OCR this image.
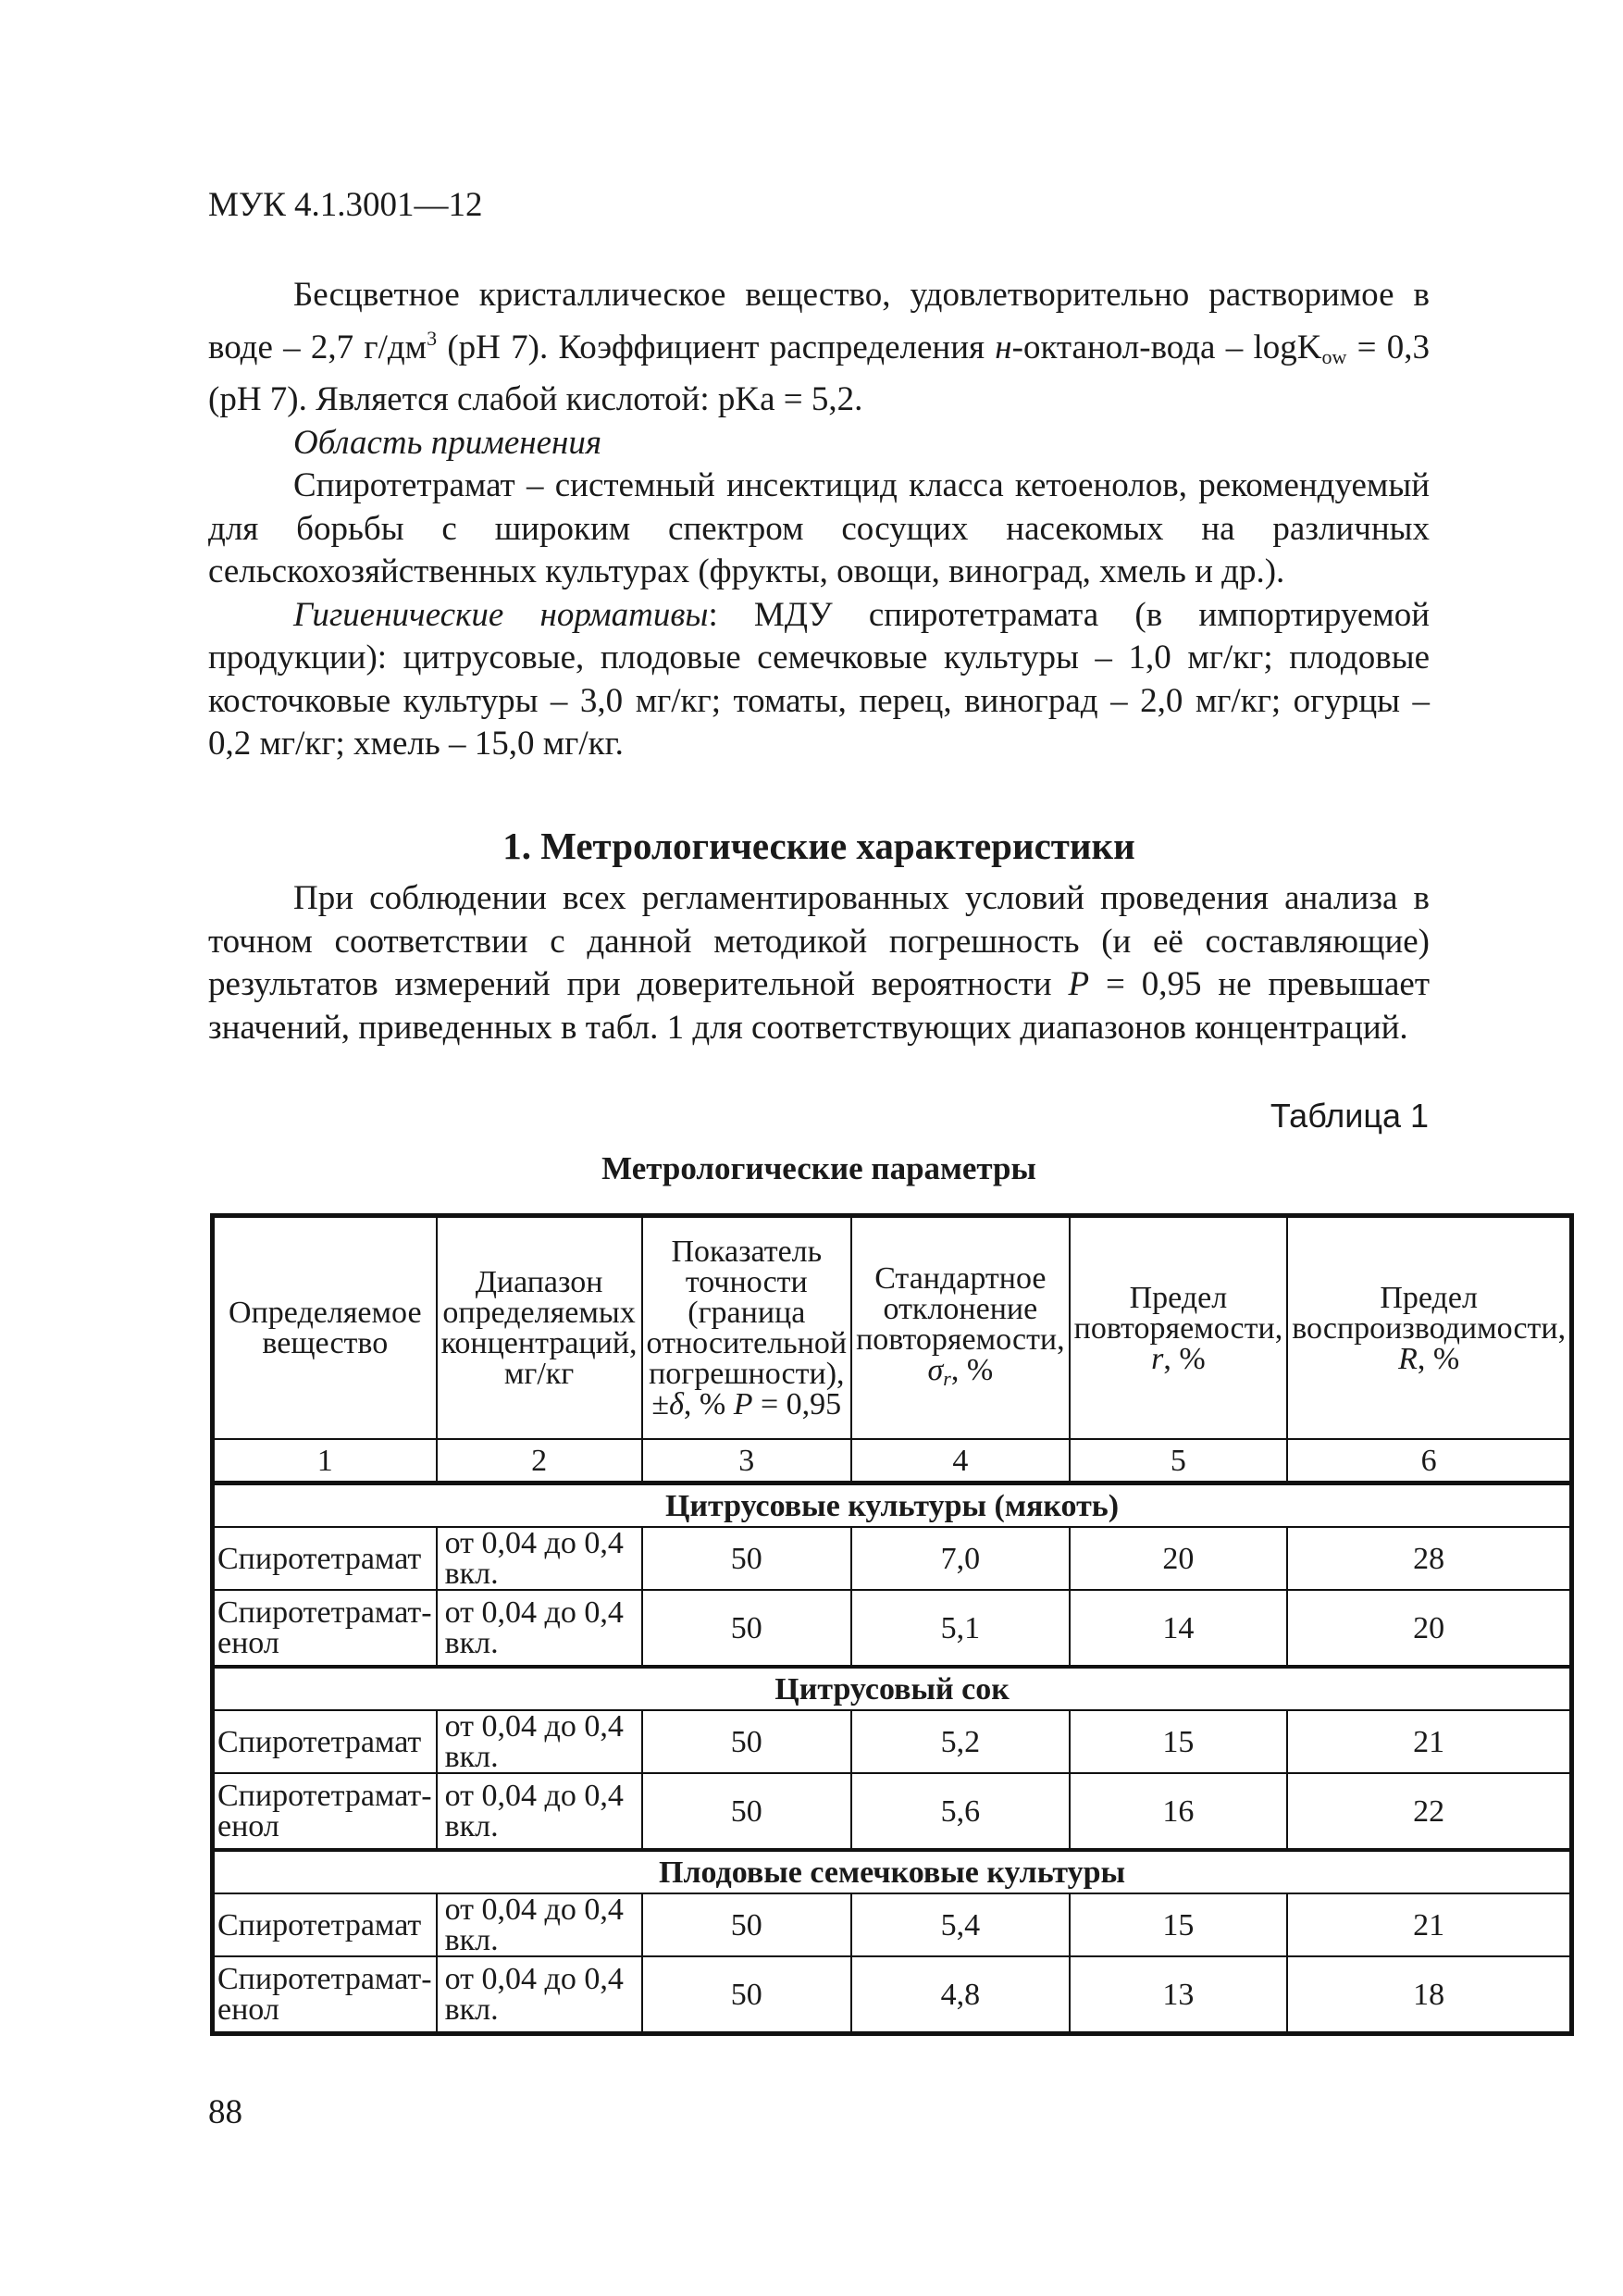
МУК 4.1.3001—12

Бесцветное кристаллическое вещество, удовлетворительно растворимое в воде – 2,7 $г/дм^3$ (рН 7). Коэффициент распределения н-октанол-вода – logK$_{ow}$ = 0,3 (рН 7). Является слабой кислотой: pKa = 5,2.

Область применения

Спиротетрамат – системный инсектицид класса кетоенолов, рекомендуемый для борьбы с широким спектром сосущих насекомых на различных сельскохозяйственных культурах (фрукты, овощи, виноград, хмель и др.).

Гигиенические нормативы: МДУ спиротетрамата (в импортируемой продукции): цитрусовые, плодовые семечковые культуры – 1,0 мг/кг; плодовые косточковые культуры – 3,0 мг/кг; томаты, перец, виноград – 2,0 мг/кг; огурцы – 0,2 мг/кг; хмель – 15,0 мг/кг.

1. Метрологические характеристики

При соблюдении всех регламентированных условий проведения анализа в точном соответствии с данной методикой погрешность (и её составляющие) результатов измерений при доверительной вероятности Р = 0,95 не превышает значений, приведенных в табл. 1 для соответствующих диапазонов концентраций.

Таблица 1
Метрологические параметры
Определяемое вещество	Диапазон определяемых концентраций, мг/кг	Показатель точности (граница относительной погрешности), ±δ, % Р = 0,95	Стандартное отклонение повторяемости, $\sigma_r$, %	Предел повторяемости, r, %	Предел воспроизводимости, R, %
1	2	3	4	5	6
Цитрусовые культуры (мякоть)					
Спиротетрамат	от 0,04 до 0,4 вкл.	50	7,0	20	28
Спиротетрамат-енол	от 0,04 до 0,4 вкл.	50	5,1	14	20
Цитрусовый сок					
Спиротетрамат	от 0,04 до 0,4 вкл.	50	5,2	15	21
Спиротетрамат-енол	от 0,04 до 0,4 вкл.	50	5,6	16	22
Плодовые семечковые культуры					
Спиротетрамат	от 0,04 до 0,4 вкл.	50	5,4	15	21
Спиротетрамат-енол	от 0,04 до 0,4 вкл.	50	4,8	13	18
88
